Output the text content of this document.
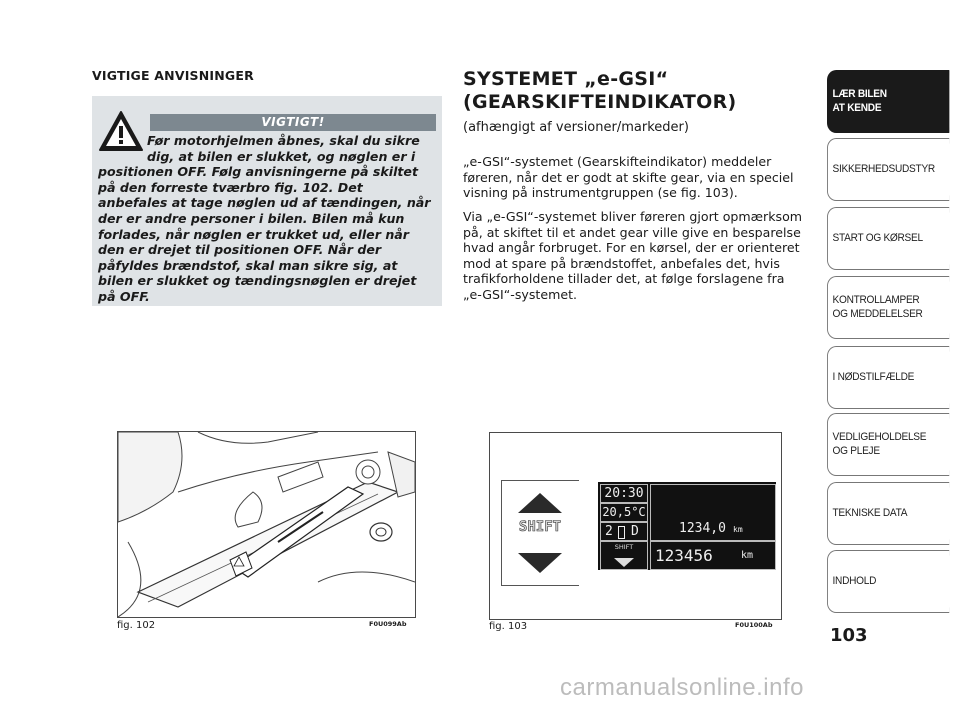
VIGTIGE ANVISNINGER
VIGTIGT!
Før motorhjelmen åbnes, skal du sikre dig, at bilen er slukket, og nøglen er i
positionen OFF. Følg anvisningerne på skiltet på den forreste tværbro fig. 102. Det anbefales at tage nøglen ud af tændingen, når der er andre personer i bilen. Bilen må kun forlades, når nøglen er trukket ud, eller når den er drejet til positionen OFF. Når der påfyldes brændstof, skal man sikre sig, at bilen er slukket og tændingsnøglen er drejet på OFF.
SYSTEMET „e-GSI“
(GEARSKIFTEINDIKATOR)
(afhængigt af versioner/markeder)

„e-GSI“-systemet (Gearskifteindikator) meddeler føreren, når det er godt at skifte gear, via en speciel visning på instrumentgruppen (se fig. 103).

Via „e-GSI“-systemet bliver føreren gjort opmærksom på, at skiftet til et andet gear ville give en besparelse hvad angår forbruget. For en kørsel, der er orienteret mod at spare på brændstoffet, anbefales det, hvis trafikforholdene tillader det, at følge forslagene fra „e-GSI“-systemet.

fig. 102	F0U099Ab
SHIFT
20:30
20,5°C
2 D
SHIFT
1234,0 km
123456	km
fig. 103	F0U100Ab
LÆR BILEN
AT KENDE
SIKKERHEDSUDSTYR
START OG KØRSEL
KONTROLLAMPER
OG MEDDELELSER
I NØDSTILFÆLDE
VEDLIGEHOLDELSE
OG PLEJE
TEKNISKE DATA
INDHOLD
103
carmanualsonline.info
